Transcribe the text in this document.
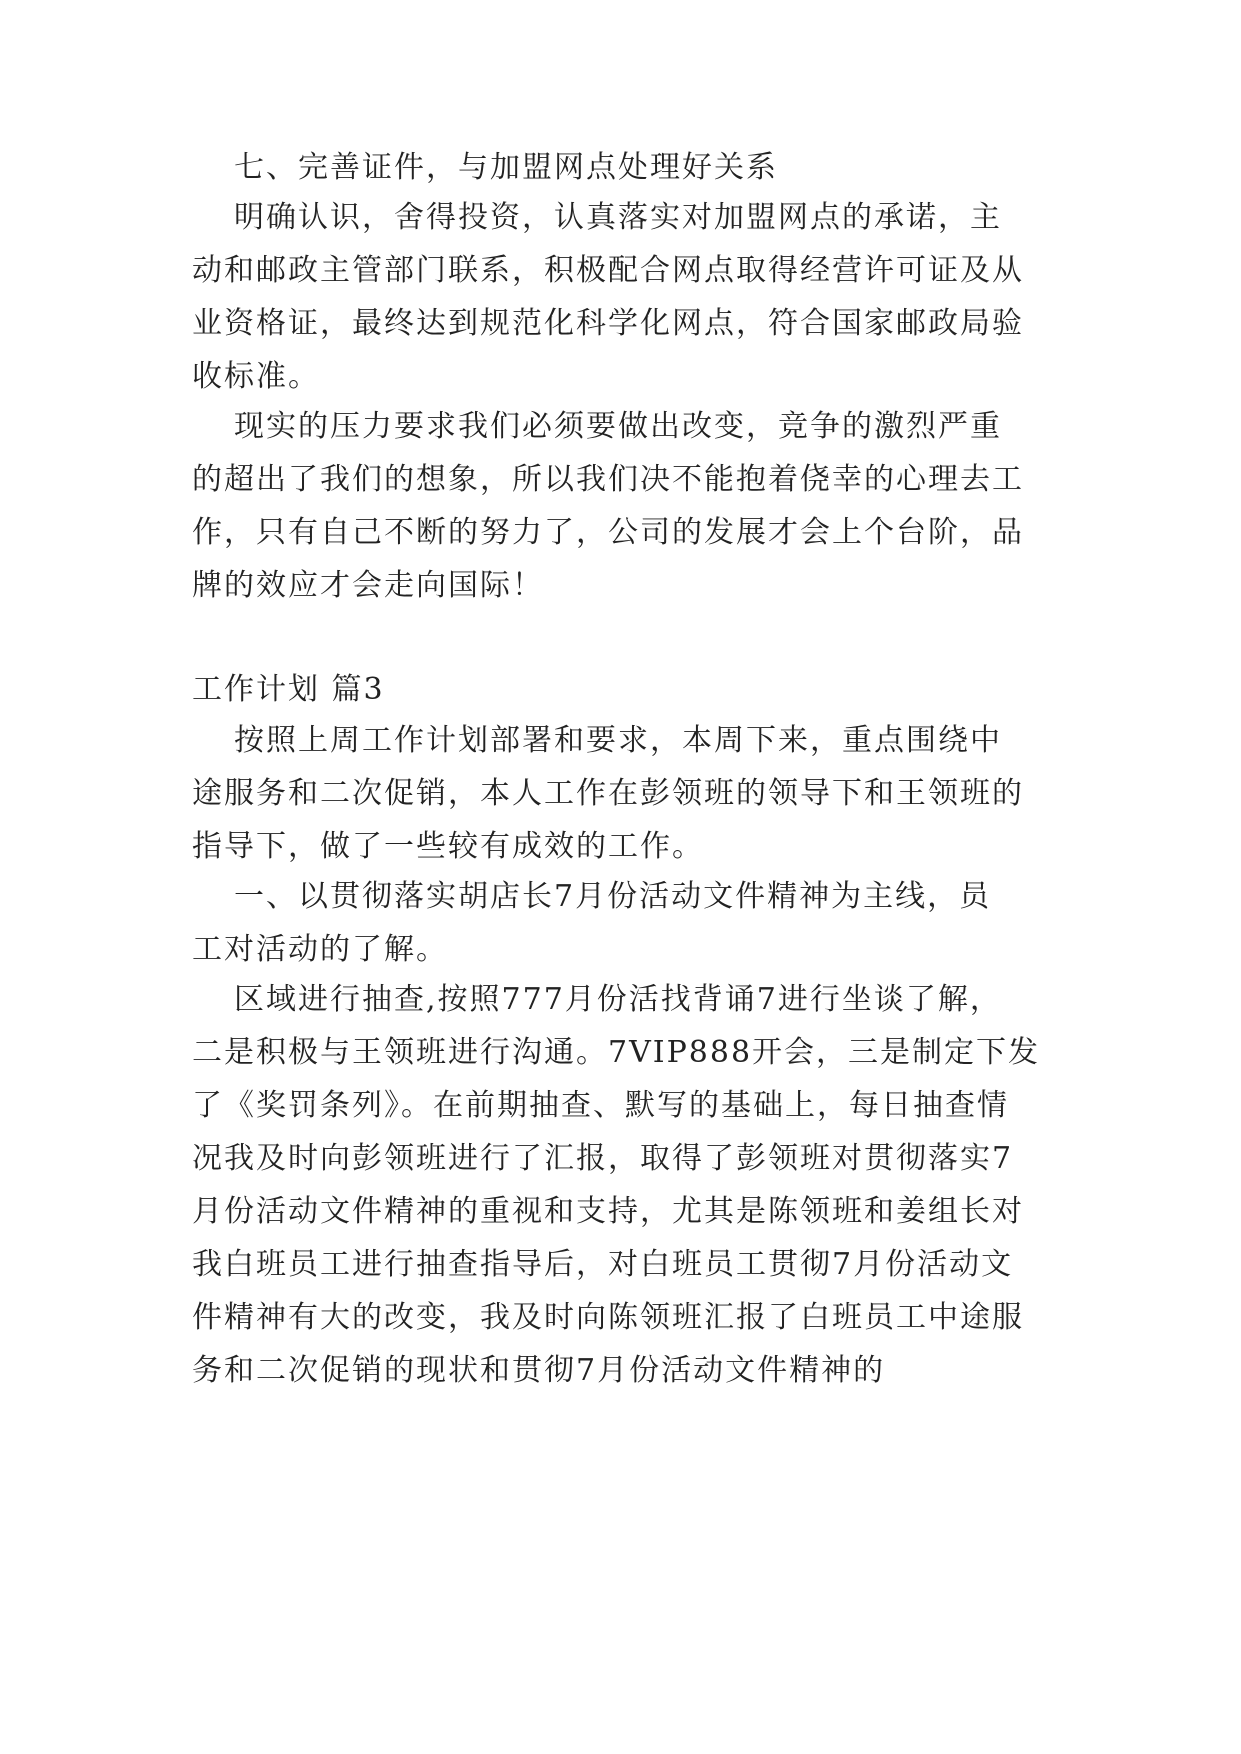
七、完善证件，与加盟网点处理好关系
明确认识，舍得投资，认真落实对加盟网点的承诺，主
动和邮政主管部门联系，积极配合网点取得经营许可证及从
业资格证，最终达到规范化科学化网点，符合国家邮政局验
收标准。
现实的压力要求我们必须要做出改变，竞争的激烈严重
的超出了我们的想象，所以我们决不能抱着侥幸的心理去工
作，只有自己不断的努力了，公司的发展才会上个台阶，品
牌的效应才会走向国际！
工作计划 篇3
按照上周工作计划部署和要求，本周下来，重点围绕中
途服务和二次促销，本人工作在彭领班的领导下和王领班的
指导下，做了一些较有成效的工作。
一、以贯彻落实胡店长7月份活动文件精神为主线，员
工对活动的了解。
区域进行抽查,按照777月份活找背诵7进行坐谈了解，
二是积极与王领班进行沟通。7VIP888开会，三是制定下发
了《奖罚条列》。在前期抽查、默写的基础上，每日抽查情
况我及时向彭领班进行了汇报，取得了彭领班对贯彻落实7
月份活动文件精神的重视和支持，尤其是陈领班和姜组长对
我白班员工进行抽查指导后，对白班员工贯彻7月份活动文
件精神有大的改变，我及时向陈领班汇报了白班员工中途服
务和二次促销的现状和贯彻7月份活动文件精神的
